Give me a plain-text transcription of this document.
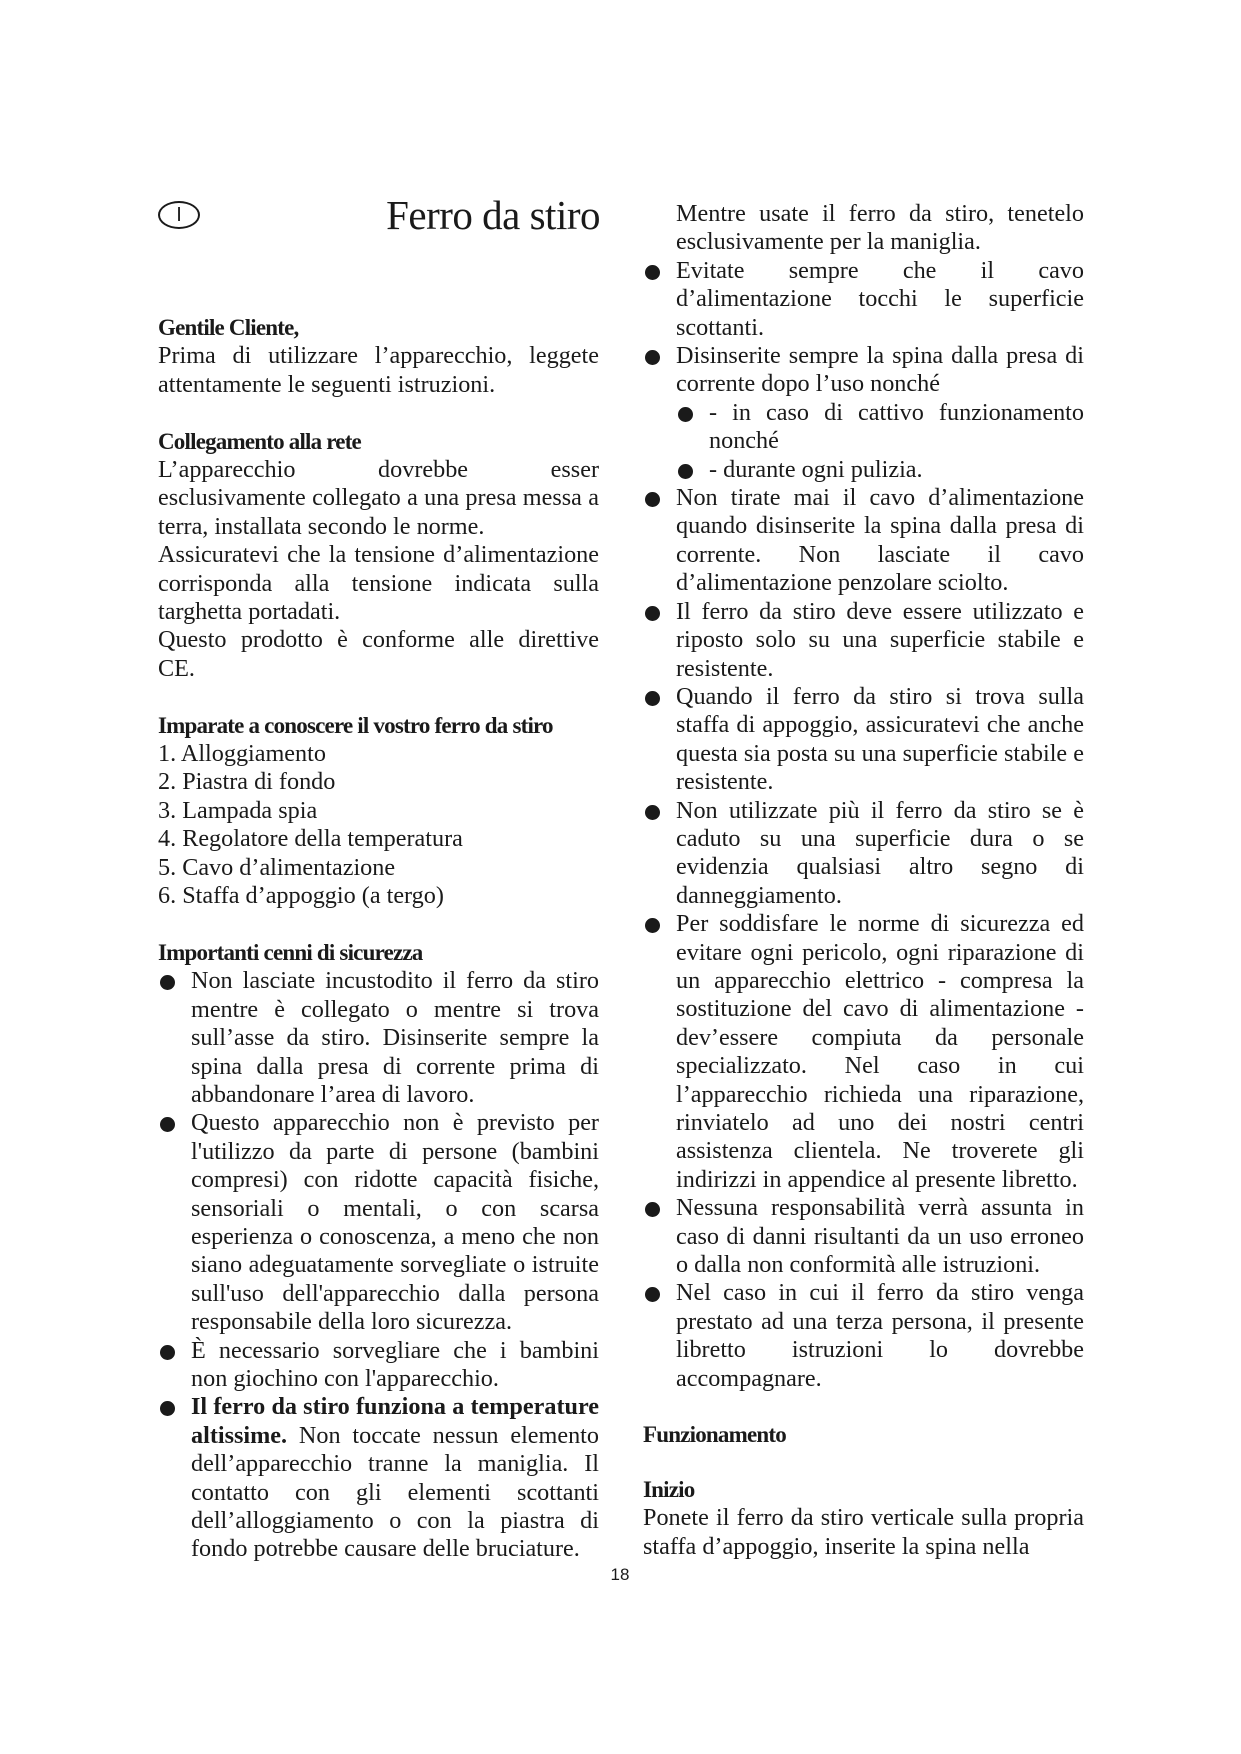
I	Ferro da stiro
Gentile Cliente,

Prima di utilizzare l’apparecchio, leggete attentamente le seguenti istruzioni.

Collegamento alla rete

L’apparecchio dovrebbe esser esclusivamente collegato a una presa messa a terra, installata secondo le norme.

Assicuratevi che la tensione d’alimentazione corrisponda alla tensione indicata sulla targhetta portadati.

Questo prodotto è conforme alle direttive CE.

Imparate a conoscere il vostro ferro da stiro
1. Alloggiamento
2. Piastra di fondo
3. Lampada spia
4. Regolatore della temperatura
5. Cavo d’alimentazione
6. Staffa d’appoggio (a tergo)
Importanti cenni di sicurezza
Non lasciate incustodito il ferro da stiro mentre è collegato o mentre si trova sull’asse da stiro. Disinserite sempre la spina dalla presa di corrente prima di abbandonare l’area di lavoro.
Questo apparecchio non è previsto per l'utilizzo da parte di persone (bambini compresi) con ridotte capacità fisiche, sensoriali o mentali, o con scarsa esperienza o conoscenza, a meno che non siano adeguatamente sorvegliate o istruite sull'uso dell'apparecchio dalla persona responsabile della loro sicurezza.
È necessario sorvegliare che i bambini non giochino con l'apparecchio.
Il ferro da stiro funziona a temperature altissime. Non toccate nessun elemento dell’apparecchio tranne la maniglia. Il contatto con gli elementi scottanti dell’alloggiamento o con la piastra di fondo potrebbe causare delle bruciature.
Mentre usate il ferro da stiro, tenetelo esclusivamente per la maniglia.
Evitate sempre che il cavo d’alimentazione tocchi le superficie scottanti.
Disinserite sempre la spina dalla presa di corrente dopo l’uso nonché
- in caso di cattivo funzionamento nonché
- durante ogni pulizia.
Non tirate mai il cavo d’alimentazione quando disinserite la spina dalla presa di corrente. Non lasciate il cavo d’alimentazione penzolare sciolto.
Il ferro da stiro deve essere utilizzato e riposto solo su una superficie stabile e resistente.
Quando il ferro da stiro si trova sulla staffa di appoggio, assicuratevi che anche questa sia posta su una superficie stabile e resistente.
Non utilizzate più il ferro da stiro se è caduto su una superficie dura o se evidenzia qualsiasi altro segno di danneggiamento.
Per soddisfare le norme di sicurezza ed evitare ogni pericolo, ogni riparazione di un apparecchio elettrico - compresa la sostituzione del cavo di alimentazione - dev’essere compiuta da personale specializzato. Nel caso in cui l’apparecchio richieda una riparazione, rinviatelo ad uno dei nostri centri assistenza clientela. Ne troverete gli indirizzi in appendice al presente libretto.
Nessuna responsabilità verrà assunta in caso di danni risultanti da un uso erroneo o dalla non conformità alle istruzioni.
Nel caso in cui il ferro da stiro venga prestato ad una terza persona, il presente libretto istruzioni lo dovrebbe accompagnare.
Funzionamento
Inizio

Ponete il ferro da stiro verticale sulla propria staffa d’appoggio, inserite la spina nella

18
